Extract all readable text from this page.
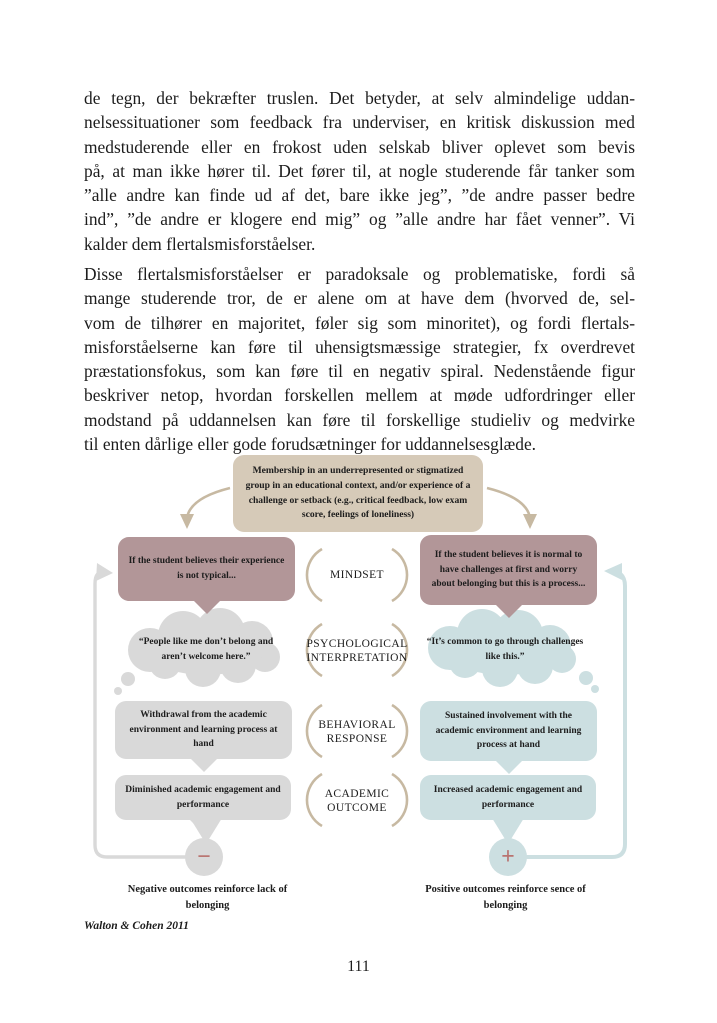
de tegn, der bekræfter truslen. Det betyder, at selv almindelige uddan-
nelsessituationer som feedback fra underviser, en kritisk diskussion med
medstuderende eller en frokost uden selskab bliver oplevet som bevis
på, at man ikke hører til. Det fører til, at nogle studerende får tanker som
”alle andre kan finde ud af det, bare ikke jeg”, ”de andre passer bedre
ind”, ”de andre er klogere end mig” og ”alle andre har fået venner”. Vi
kalder dem flertalsmisforståelser.
Disse flertalsmisforståelser er paradoksale og problematiske, fordi så
mange studerende tror, de er alene om at have dem (hvorved de, sel-
vom de tilhører en majoritet, føler sig som minoritet), og fordi flertals-
misforståelserne kan føre til uhensigtsmæssige strategier, fx overdrevet
præstationsfokus, som kan føre til en negativ spiral. Nedenstående figur
beskriver netop, hvordan forskellen mellem at møde udfordringer eller
modstand på uddannelsen kan føre til forskellige studieliv og medvirke
til enten dårlige eller gode forudsætninger for uddannelsesglæde.
Membership in an underrepresented or stigmatized group in an educational context, and/or experience of a challenge or setback (e.g., critical feedback, low exam score, feelings of loneliness)
If the student believes their experience is not typical...	MINDSET
If the student believes it is normal to have challenges at first and worry about belonging but this is a process...
“People like me don’t belong and aren’t welcome here.”
PSYCHOLOGICAL INTERPRETATION
“It’s common to go through challenges like this.”
Withdrawal from the academic environment and learning process at hand
BEHAVIORAL RESPONSE
Sustained involvement with the academic environment and learning process at hand
Diminished academic engagement and performance
ACADEMIC OUTCOME
Increased academic engagement and performance
−	+
Negative outcomes reinforce lack of belonging
Positive outcomes reinforce sence of belonging
Walton & Cohen 2011
111
